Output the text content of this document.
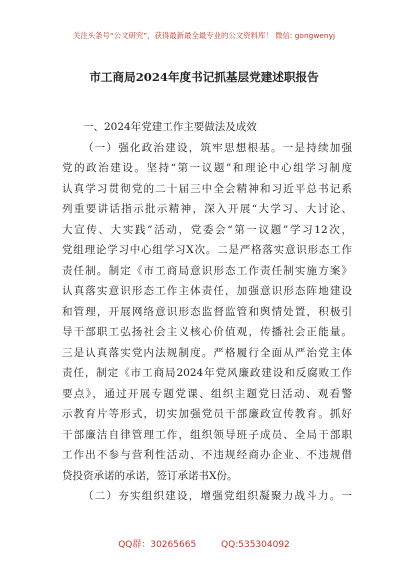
关注头条号“公文研究”，获得最新最全最专业的公文资料库！ 微信: gongwenyj
市工商局2024年度书记抓基层党建述职报告
一、2024年党建工作主要做法及成效
（一）强化政治建设，筑牢思想根基。一是持续加强
党的政治建设。坚持“第一议题”和理论中心组学习制度
认真学习贯彻党的二十届三中全会精神和习近平总书记系
列重要讲话指示批示精神，深入开展“大学习、大讨论、
大宣传、大实践”活动，党委会“第一议题”学习12次，
党组理论学习中心组学习X次。二是严格落实意识形态工作
责任制。制定《市工商局意识形态工作责任制实施方案》
认真落实意识形态工作主体责任，加强意识形态阵地建设
和管理，开展网络意识形态监督监管和舆情处置，积极引
导干部职工弘扬社会主义核心价值观，传播社会正能量。
三是认真落实党内法规制度。严格履行全面从严治党主体
责任，制定《市工商局2024年党风廉政建设和反腐败工作
要点》，通过开展专题党课、组织主题党日活动、观看警
示教育片等形式，切实加强党员干部廉政宣传教育。抓好
干部廉洁自律管理工作，组织领导班子成员、全局干部职
工作出不参与营利性活动、不违规经商办企业、不违规借
贷投资承诺的承诺，签订承诺书X份。
（二）夯实组织建设，增强党组织凝聚力战斗力。一
QQ群：30265665	QQ:535304092
